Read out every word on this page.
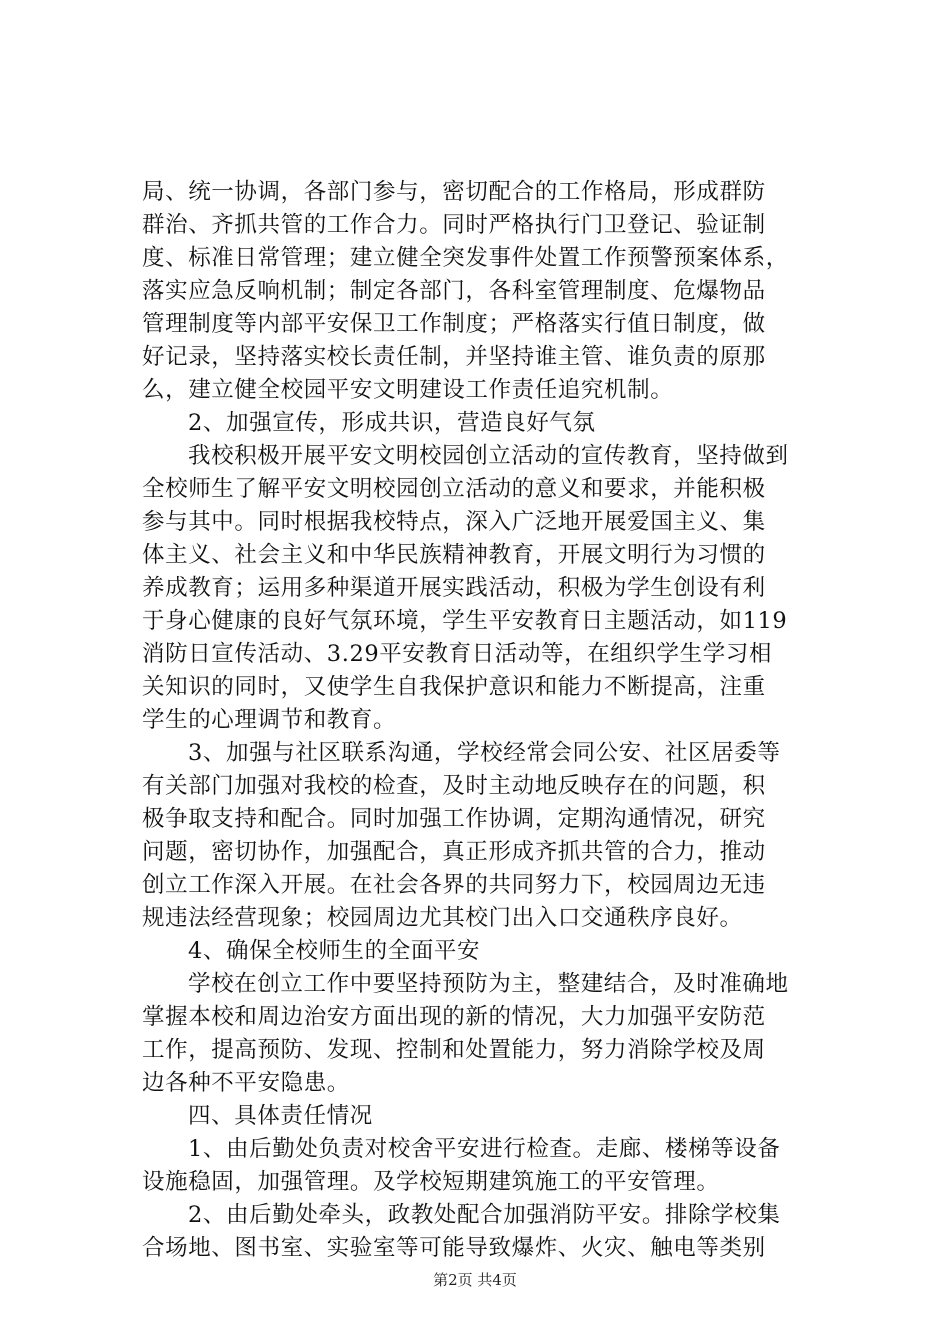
局、统一协调，各部门参与，密切配合的工作格局，形成群防
群治、齐抓共管的工作合力。同时严格执行门卫登记、验证制
度、标准日常管理；建立健全突发事件处置工作预警预案体系，
落实应急反响机制；制定各部门，各科室管理制度、危爆物品
管理制度等内部平安保卫工作制度；严格落实行值日制度，做
好记录，坚持落实校长责任制，并坚持谁主管、谁负责的原那
么，建立健全校园平安文明建设工作责任追究机制。
2、加强宣传，形成共识，营造良好气氛
我校积极开展平安文明校园创立活动的宣传教育，坚持做到
全校师生了解平安文明校园创立活动的意义和要求，并能积极
参与其中。同时根据我校特点，深入广泛地开展爱国主义、集
体主义、社会主义和中华民族精神教育，开展文明行为习惯的
养成教育；运用多种渠道开展实践活动，积极为学生创设有利
于身心健康的良好气氛环境，学生平安教育日主题活动，如119
消防日宣传活动、3.29平安教育日活动等，在组织学生学习相
关知识的同时，又使学生自我保护意识和能力不断提高，注重
学生的心理调节和教育。
3、加强与社区联系沟通，学校经常会同公安、社区居委等
有关部门加强对我校的检查，及时主动地反映存在的问题，积
极争取支持和配合。同时加强工作协调，定期沟通情况，研究
问题，密切协作，加强配合，真正形成齐抓共管的合力，推动
创立工作深入开展。在社会各界的共同努力下，校园周边无违
规违法经营现象；校园周边尤其校门出入口交通秩序良好。
4、确保全校师生的全面平安
学校在创立工作中要坚持预防为主，整建结合，及时准确地
掌握本校和周边治安方面出现的新的情况，大力加强平安防范
工作，提高预防、发现、控制和处置能力，努力消除学校及周
边各种不平安隐患。
四、具体责任情况
1、由后勤处负责对校舍平安进行检查。走廊、楼梯等设备
设施稳固，加强管理。及学校短期建筑施工的平安管理。
2、由后勤处牵头，政教处配合加强消防平安。排除学校集
合场地、图书室、实验室等可能导致爆炸、火灾、触电等类别
第2页 共4页
